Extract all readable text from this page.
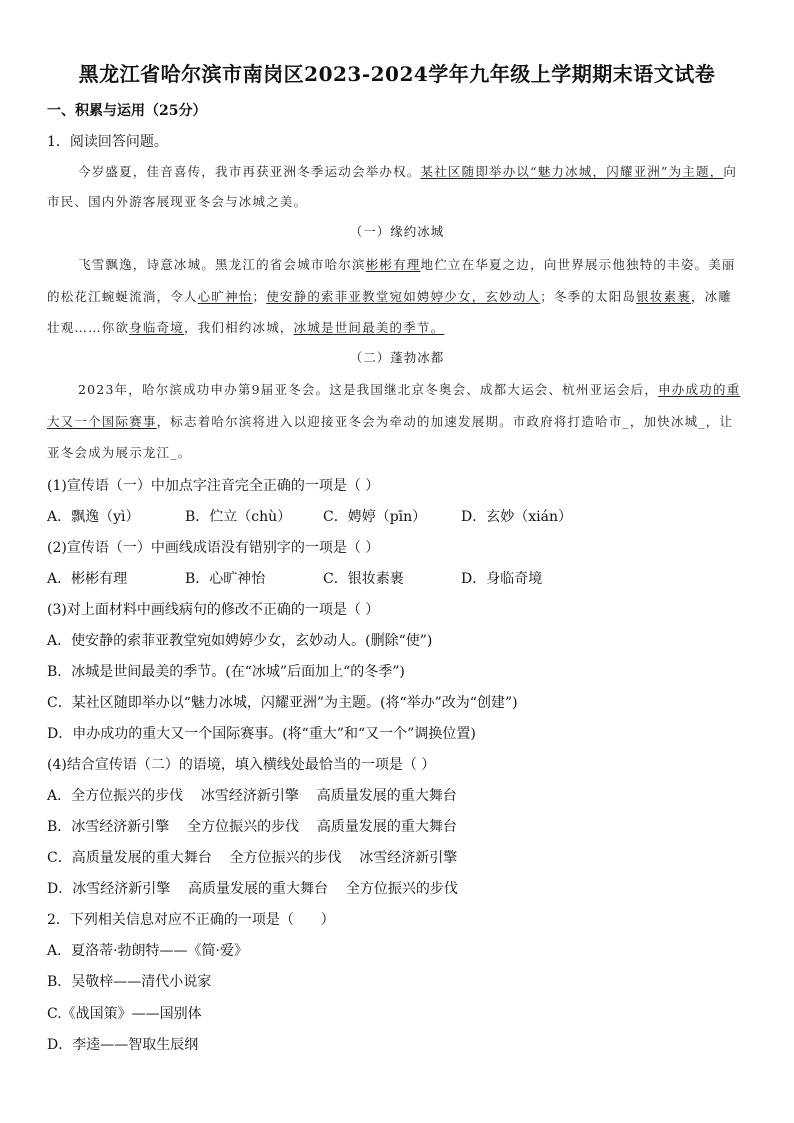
黑龙江省哈尔滨市南岗区2023-2024学年九年级上学期期末语文试卷
一、积累与运用（25分）
1．阅读回答问题。
今岁盛夏，佳音喜传，我市再获亚洲冬季运动会举办权。某社区随即举办以“魅力冰城，闪耀亚洲”为主题，向
市民、国内外游客展现亚冬会与冰城之美。
（一）缘约冰城
飞雪飘逸，诗意冰城。黑龙江的省会城市哈尔滨彬彬有理地伫立在华夏之边，向世界展示他独特的丰姿。美丽
的松花江蜿蜒流淌，令人心旷神怡；使安静的索菲亚教堂宛如娉婷少女，玄妙动人；冬季的太阳岛银妆素裹，冰雕
壮观……你欲身临奇境，我们相约冰城，冰城是世间最美的季节。
（二）蓬勃冰都
2023年，哈尔滨成功申办第9届亚冬会。这是我国继北京冬奥会、成都大运会、杭州亚运会后，申办成功的重
大又一个国际赛事，标志着哈尔滨将进入以迎接亚冬会为牵动的加速发展期。市政府将打造哈市_，加快冰城_，让
亚冬会成为展示龙江_。
(1)宣传语（一）中加点字注音完全正确的一项是（ ）
A．飘逸（yì）	B．伫立（chù） C．娉婷（pīn） D．玄妙（xián）
(2)宣传语（一）中画线成语没有错别字的一项是（ ）
A．彬彬有理	B．心旷神怡	C．银妆素裹	D．身临奇境
(3)对上面材料中画线病句的修改不正确的一项是（ ）
A．使安静的索菲亚教堂宛如娉婷少女，玄妙动人。(删除“使”)
B．冰城是世间最美的季节。(在“冰城”后面加上“的冬季”)
C．某社区随即举办以“魅力冰城，闪耀亚洲”为主题。(将“举办”改为“创建”)
D．申办成功的重大又一个国际赛事。(将“重大”和“又一个”调换位置)
(4)结合宣传语（二）的语境，填入横线处最恰当的一项是（ ）
A．全方位振兴的步伐    冰雪经济新引擎    高质量发展的重大舞台
B．冰雪经济新引擎    全方位振兴的步伐    高质量发展的重大舞台
C．高质量发展的重大舞台    全方位振兴的步伐    冰雪经济新引擎
D．冰雪经济新引擎    高质量发展的重大舞台    全方位振兴的步伐
2．下列相关信息对应不正确的一项是（      ）
A．夏洛蒂·勃朗特——《简·爱》
B．吴敬梓——清代小说家
C.《战国策》——国别体
D．李逵——智取生辰纲
